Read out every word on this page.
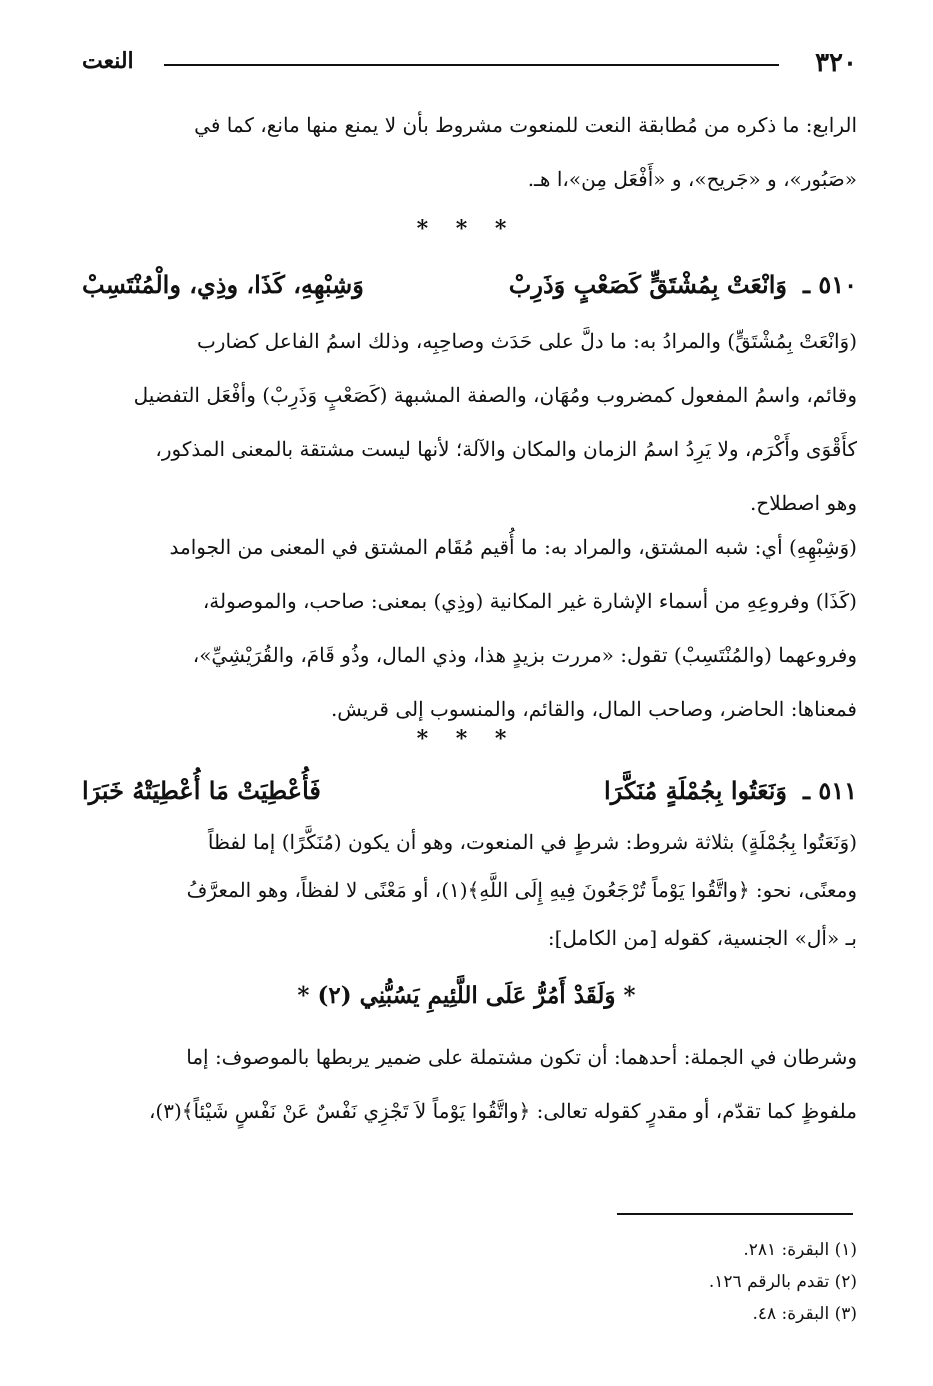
٣٢٠
النعت
الرابع: ما ذكره من مُطابقة النعت للمنعوت مشروط بأن لا يمنع منها مانع، كما في
«صَبُور»، و «جَريح»، و «أَفْعَل مِن»،ا هـ.
* * *
٥١٠ ـ
وَانْعَتْ بِمُشْتَقٍّ كَصَعْبٍ وَذَرِبْ
وَشِبْهِهِ، كَذَا، وذِي، والْمُنْتَسِبْ
(وَانْعَتْ بِمُشْتَقٍّ) والمرادُ به: ما دلَّ على حَدَث وصاحِبِه، وذلك اسمُ الفاعل كضارب
وقائم، واسمُ المفعول كمضروب ومُهَان، والصفة المشبهة (كَصَعْبٍ وَذَرِبْ) وأفْعَل التفضيل
كأَقْوَى وأَكْرَم، ولا يَرِدُ اسمُ الزمان والمكان والآلة؛ لأنها ليست مشتقة بالمعنى المذكور،
وهو اصطلاح.
(وَشِبْهِهِ) أي: شبه المشتق، والمراد به: ما أُقيم مُقَام المشتق في المعنى من الجوامد
(كَذَا) وفروعِهِ من أسماء الإشارة غير المكانية (وذِي) بمعنى: صاحب، والموصولة،
وفروعهما (والمُنْتَسِبْ) تقول: «مررت بزيدٍ هذا، وذي المال، وذُو قَامَ، والقُرَيْشِيِّ»،
فمعناها: الحاضر، وصاحب المال، والقائم، والمنسوب إلى قريش.
* * *
٥١١ ـ
وَنَعَتُوا بِجُمْلَةٍ مُنَكَّرَا
فَأُعْطِيَتْ مَا أُعْطِيَتْهُ خَبَرَا
(وَنَعَتُوا بِجُمْلَةٍ) بثلاثة شروط: شرطٍ في المنعوت، وهو أن يكون (مُنَكَّرًا) إما لفظاً
ومعنًى، نحو: ﴿واتَّقُوا يَوْماً تُرْجَعُونَ فِيهِ إِلَى اللَّهِ﴾(١)، أو مَعْنًى لا لفظاً، وهو المعرَّفُ
بـ «أل» الجنسية، كقوله [من الكامل]:
* وَلَقَدْ أَمُرُّ عَلَى اللَّئِيمِ يَسُبُّنِي (٢) *
وشرطان في الجملة: أحدهما: أن تكون مشتملة على ضمير يربطها بالموصوف: إما
ملفوظٍ كما تقدّم، أو مقدرٍ كقوله تعالى: ﴿واتَّقُوا يَوْماً لاَ تَجْزِي نَفْسٌ عَنْ نَفْسٍ شَيْئاً﴾(٣)،
(١) البقرة: ٢٨١.
(٢) تقدم بالرقم ١٢٦.
(٣) البقرة: ٤٨.
